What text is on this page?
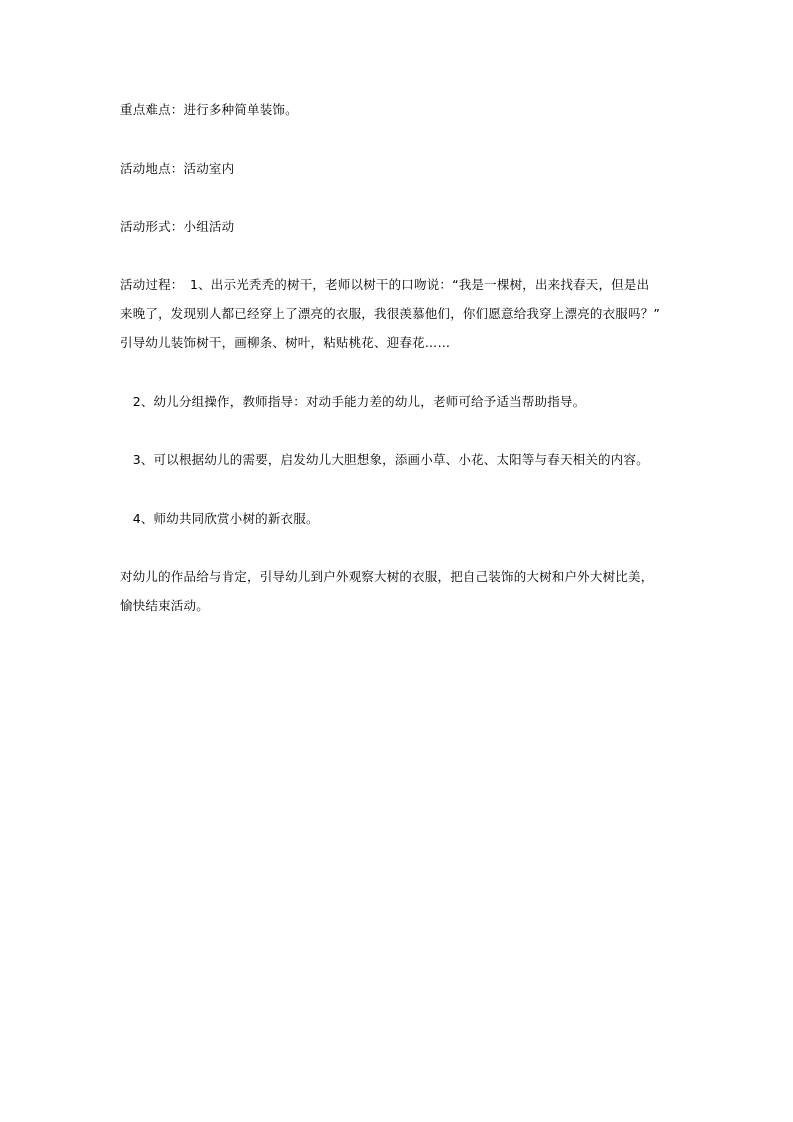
重点难点：进行多种简单装饰。
活动地点：活动室内
活动形式：小组活动
活动过程：　1、出示光秃秃的树干，老师以树干的口吻说：“我是一棵树，出来找春天，但是出
来晚了，发现别人都已经穿上了漂亮的衣服，我很羡慕他们，你们愿意给我穿上漂亮的衣服吗？”
引导幼儿装饰树干，画柳条、树叶，粘贴桃花、迎春花……
　2、幼儿分组操作，教师指导：对动手能力差的幼儿，老师可给予适当帮助指导。
　3、可以根据幼儿的需要，启发幼儿大胆想象，添画小草、小花、太阳等与春天相关的内容。
　4、师幼共同欣赏小树的新衣服。
对幼儿的作品给与肯定，引导幼儿到户外观察大树的衣服，把自己装饰的大树和户外大树比美，
愉快结束活动。
